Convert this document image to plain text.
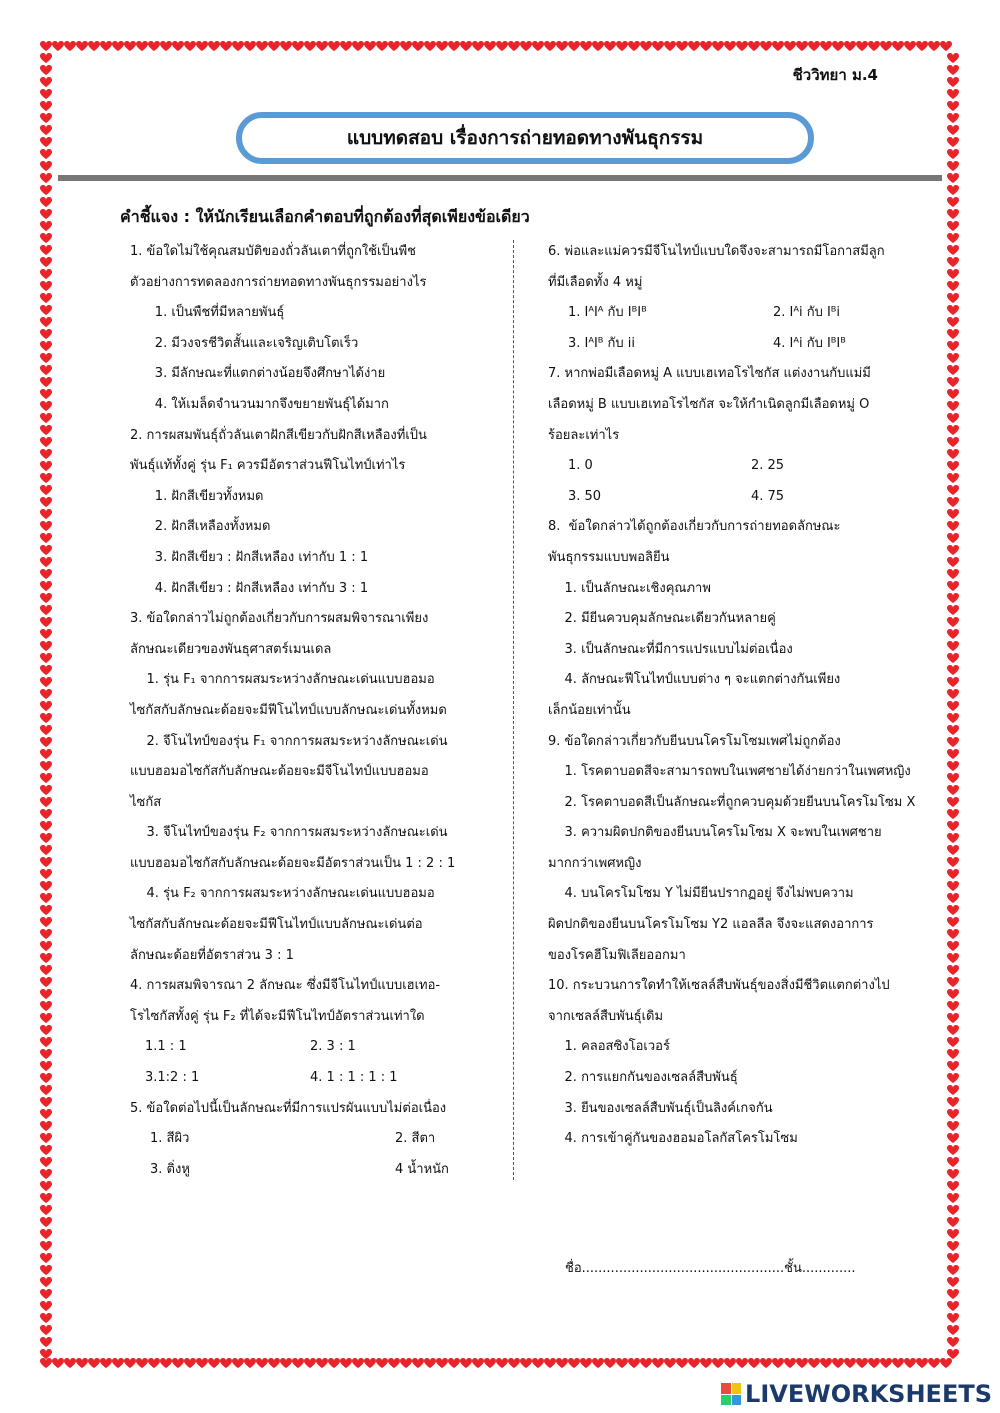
ชีววิทยา ม.4
แบบทดสอบ เรื่องการถ่ายทอดทางพันธุกรรม
คำชี้แจง : ให้นักเรียนเลือกคำตอบที่ถูกต้องที่สุดเพียงข้อเดียว
1. ข้อใดไม่ใช้คุณสมบัติของถั่วลันเตาที่ถูกใช้เป็นพืช
ตัวอย่างการทดลองการถ่ายทอดทางพันธุกรรมอย่างไร
1. เป็นพืชที่มีหลายพันธุ์
2. มีวงจรชีวิตสั้นและเจริญเติบโตเร็ว
3. มีลักษณะที่แตกต่างน้อยจึงศึกษาได้ง่าย
4. ให้เมล็ดจำนวนมากจึงขยายพันธุ์ได้มาก
2. การผสมพันธุ์ถั่วลันเตาฝักสีเขียวกับฝักสีเหลืองที่เป็น
พันธุ์แท้ทั้งคู่ รุ่น F₁ ควรมีอัตราส่วนฟีโนไทป์เท่าไร
1. ฝักสีเขียวทั้งหมด
2. ฝักสีเหลืองทั้งหมด
3. ฝักสีเขียว : ฝักสีเหลือง เท่ากับ 1 : 1
4. ฝักสีเขียว : ฝักสีเหลือง เท่ากับ 3 : 1
3. ข้อใดกล่าวไม่ถูกต้องเกี่ยวกับการผสมพิจารณาเพียง
ลักษณะเดียวของพันธุศาสตร์เมนเดล
1. รุ่น F₁ จากการผสมระหว่างลักษณะเด่นแบบฮอมอ
ไซกัสกับลักษณะด้อยจะมีฟีโนไทป์แบบลักษณะเด่นทั้งหมด
2. จีโนไทป์ของรุ่น F₁ จากการผสมระหว่างลักษณะเด่น
แบบฮอมอไซกัสกับลักษณะด้อยจะมีจีโนไทป์แบบฮอมอ
ไซกัส
3. จีโนไทป์ของรุ่น F₂ จากการผสมระหว่างลักษณะเด่น
แบบฮอมอไซกัสกับลักษณะด้อยจะมีอัตราส่วนเป็น 1 : 2 : 1
4. รุ่น F₂ จากการผสมระหว่างลักษณะเด่นแบบฮอมอ
ไซกัสกับลักษณะด้อยจะมีฟีโนไทป์แบบลักษณะเด่นต่อ
ลักษณะด้อยที่อัตราส่วน 3 : 1
4. การผสมพิจารณา 2 ลักษณะ ซึ่งมีจีโนไทป์แบบเฮเทอ-
โรไซกัสทั้งคู่ รุ่น F₂ ที่ได้จะมีฟีโนไทป์อัตราส่วนเท่าใด
1.1 : 1	2. 3 : 1
3.1:2 : 1	4. 1 : 1 : 1 : 1
5. ข้อใดต่อไปนี้เป็นลักษณะที่มีการแปรผันแบบไม่ต่อเนื่อง
1. สีผิว	2. สีตา
3. ติ่งหู	4 น้ำหนัก
6. พ่อและแม่ควรมีจีโนไทป์แบบใดจึงจะสามารถมีโอกาสมีลูก
ที่มีเลือดทั้ง 4 หมู่
1. IᴬIᴬ กับ IᴮIᴮ	2. Iᴬi กับ Iᴮi
3. IᴬIᴮ กับ ii	4. Iᴬi กับ IᴮIᴮ
7. หากพ่อมีเลือดหมู่ A แบบเฮเทอโรไซกัส แต่งงานกับแม่มี
เลือดหมู่ B แบบเฮเทอโรไซกัส จะให้กำเนิดลูกมีเลือดหมู่ O
ร้อยละเท่าไร
1. 0	2. 25
3. 50	4. 75
8.  ข้อใดกล่าวได้ถูกต้องเกี่ยวกับการถ่ายทอดลักษณะ
พันธุกรรมแบบพอลิยีน
1. เป็นลักษณะเชิงคุณภาพ
2. มียีนควบคุมลักษณะเดียวกันหลายคู่
3. เป็นลักษณะที่มีการแปรแบบไม่ต่อเนื่อง
4. ลักษณะฟีโนไทป์แบบต่าง ๆ จะแตกต่างกันเพียง
เล็กน้อยเท่านั้น
9. ข้อใดกล่าวเกี่ยวกับยีนบนโครโมโซมเพศไม่ถูกต้อง
1. โรคตาบอดสีจะสามารถพบในเพศชายได้ง่ายกว่าในเพศหญิง
2. โรคตาบอดสีเป็นลักษณะที่ถูกควบคุมด้วยยีนบนโครโมโซม X
3. ความผิดปกติของยีนบนโครโมโซม X จะพบในเพศชาย
มากกว่าเพศหญิง
4. บนโครโมโซม Y ไม่มียีนปรากฏอยู่ จึงไม่พบความ
ผิดปกติของยีนบนโครโมโซม Y2 แอลลีล จึงจะแสดงอาการ
ของโรคฮีโมฟิเลียออกมา
10. กระบวนการใดทำให้เซลล์สืบพันธุ์ของสิ่งมีชีวิตแตกต่างไป
จากเซลล์สืบพันธุ์เดิม
1. คลอสซิงโอเวอร์
2. การแยกกันของเซลล์สืบพันธุ์
3. ยีนของเซลล์สืบพันธุ์เป็นลิงค์เกจกัน
4. การเข้าคู่กันของฮอมอโลกัสโครโมโซม
ชื่อ.................................................ชั้น.............
LIVEWORKSHEETS
